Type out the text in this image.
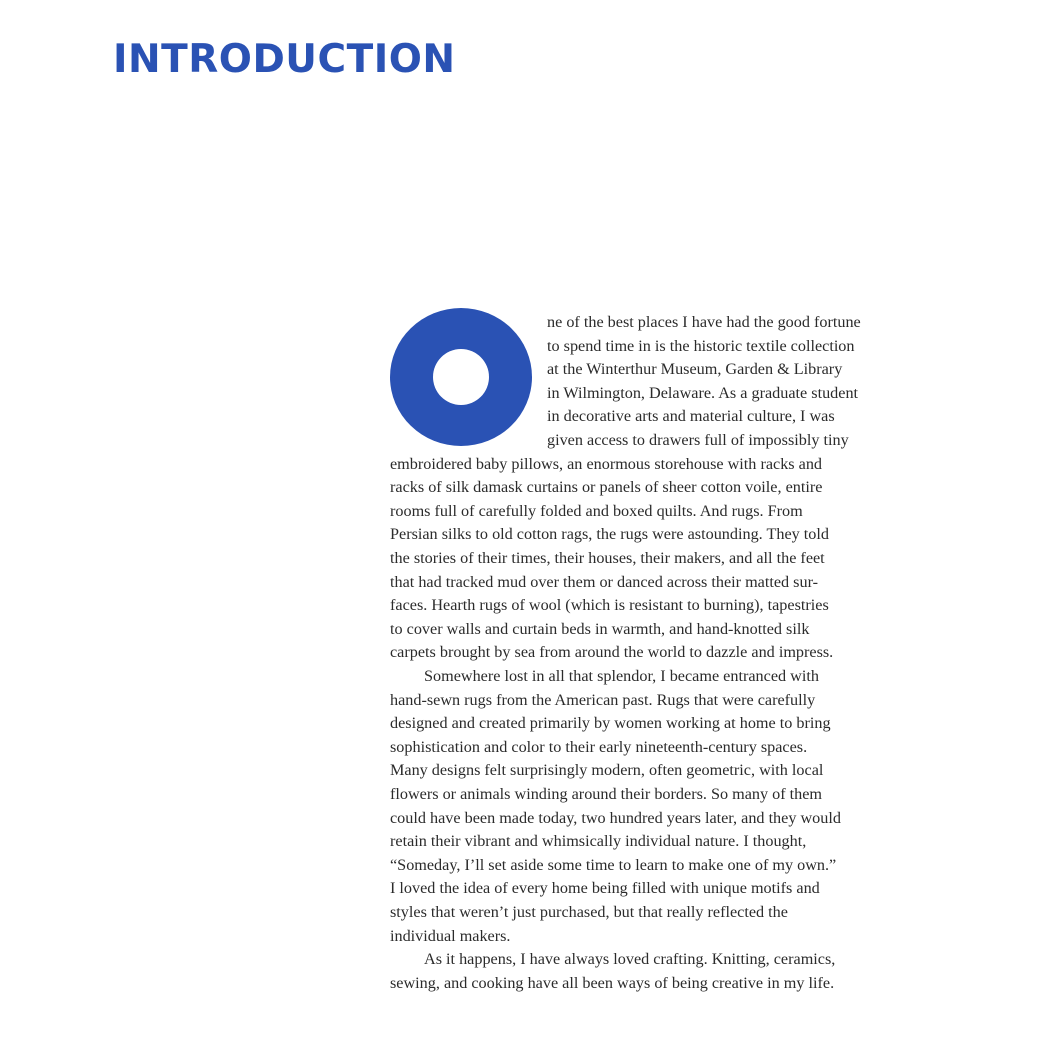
INTRODUCTION
ne of the best places I have had the good fortune
to spend time in is the historic textile collection
at the Winterthur Museum, Garden & Library
in Wilmington, Delaware. As a graduate student
in decorative arts and material culture, I was
given access to drawers full of impossibly tiny
embroidered baby pillows, an enormous storehouse with racks and
racks of silk damask curtains or panels of sheer cotton voile, entire
rooms full of carefully folded and boxed quilts. And rugs. From
Persian silks to old cotton rags, the rugs were astounding. They told
the stories of their times, their houses, their makers, and all the feet
that had tracked mud over them or danced across their matted sur-
faces. Hearth rugs of wool (which is resistant to burning), tapestries
to cover walls and curtain beds in warmth, and hand-knotted silk
carpets brought by sea from around the world to dazzle and impress.
Somewhere lost in all that splendor, I became entranced with
hand-sewn rugs from the American past. Rugs that were carefully
designed and created primarily by women working at home to bring
sophistication and color to their early nineteenth-century spaces.
Many designs felt surprisingly modern, often geometric, with local
flowers or animals winding around their borders. So many of them
could have been made today, two hundred years later, and they would
retain their vibrant and whimsically individual nature. I thought,
“Someday, I’ll set aside some time to learn to make one of my own.”
I loved the idea of every home being filled with unique motifs and
styles that weren’t just purchased, but that really reflected the
individual makers.
As it happens, I have always loved crafting. Knitting, ceramics,
sewing, and cooking have all been ways of being creative in my life.
